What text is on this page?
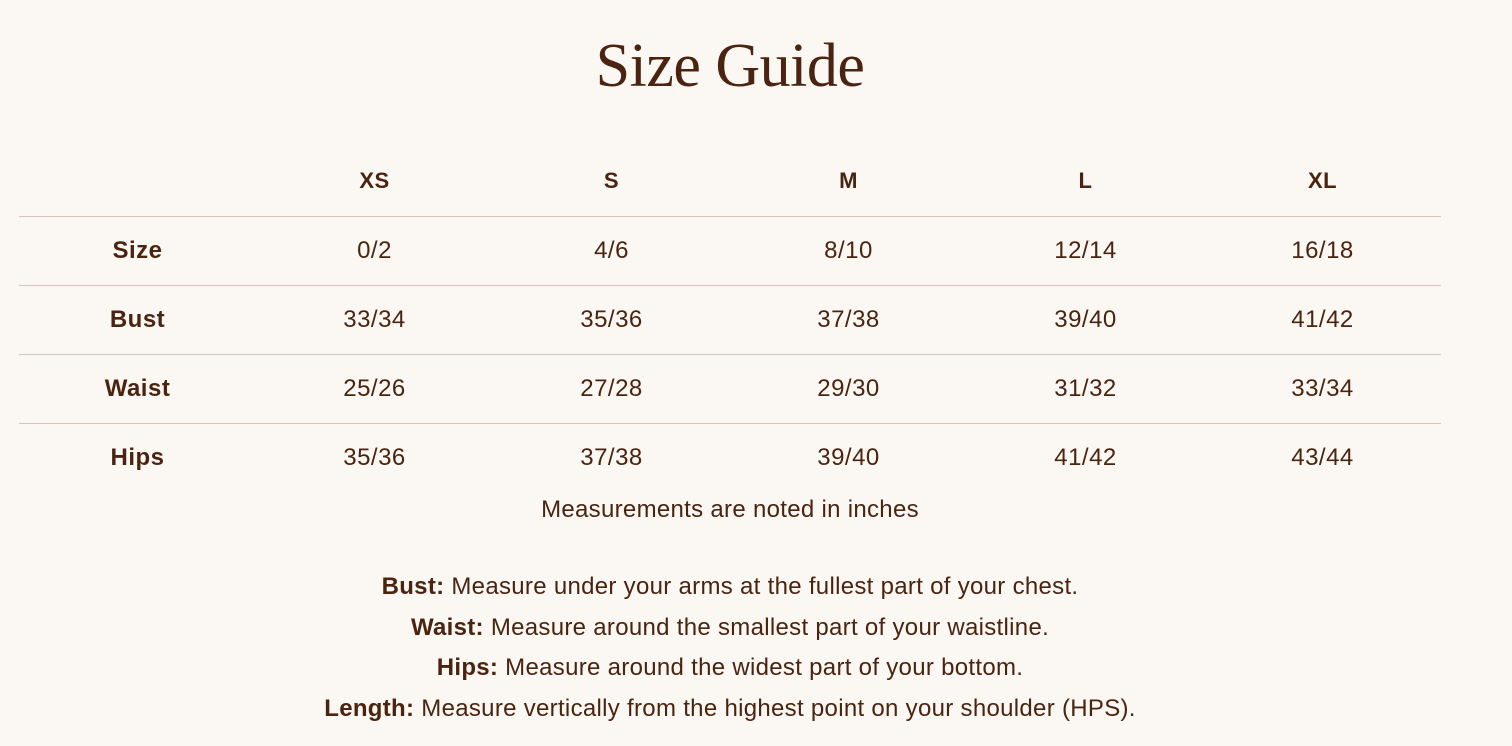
Size Guide
XS	S	M	L	XL
Size	0/2	4/6	8/10	12/14	16/18
Bust	33/34	35/36	37/38	39/40	41/42
Waist	25/26	27/28	29/30	31/32	33/34
Hips	35/36	37/38	39/40	41/42	43/44
Measurements are noted in inches
Bust: Measure under your arms at the fullest part of your chest.
Waist: Measure around the smallest part of your waistline.
Hips: Measure around the widest part of your bottom.
Length: Measure vertically from the highest point on your shoulder (HPS).
